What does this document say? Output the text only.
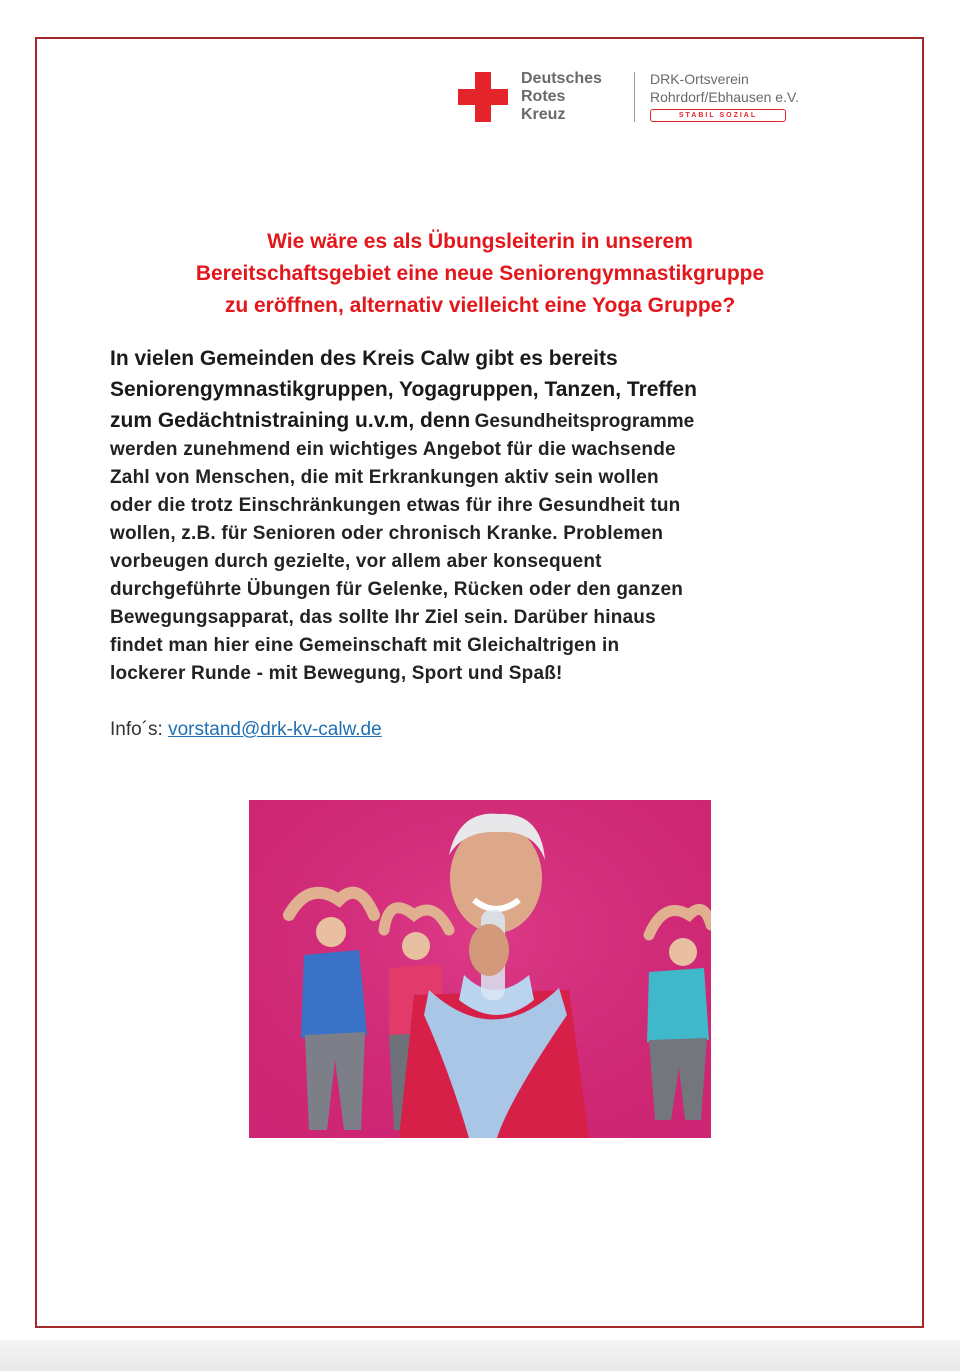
Deutsches
Rotes
Kreuz
DRK-Ortsverein
Rohrdorf/Ebhausen e.V.
STABIL SOZIAL
Wie wäre es als Übungsleiterin in unserem
Bereitschaftsgebiet eine neue Seniorengymnastikgruppe
zu eröffnen, alternativ vielleicht eine Yoga Gruppe?
In vielen Gemeinden des Kreis Calw gibt es bereits
Seniorengymnastikgruppen, Yogagruppen, Tanzen, Treffen
zum Gedächtnistraining u.v.m, denn Gesundheitsprogramme
werden zunehmend ein wichtiges Angebot für die wachsende
Zahl von Menschen, die mit Erkrankungen aktiv sein wollen
oder die trotz Einschränkungen etwas für ihre Gesundheit tun
wollen, z.B. für Senioren oder chronisch Kranke. Problemen
vorbeugen durch gezielte, vor allem aber konsequent
durchgeführte Übungen für Gelenke, Rücken oder den ganzen
Bewegungsapparat, das sollte Ihr Ziel sein. Darüber hinaus
findet man hier eine Gemeinschaft mit Gleichaltrigen in
lockerer Runde - mit Bewegung, Sport und Spaß!
Info´s: vorstand@drk-kv-calw.de
